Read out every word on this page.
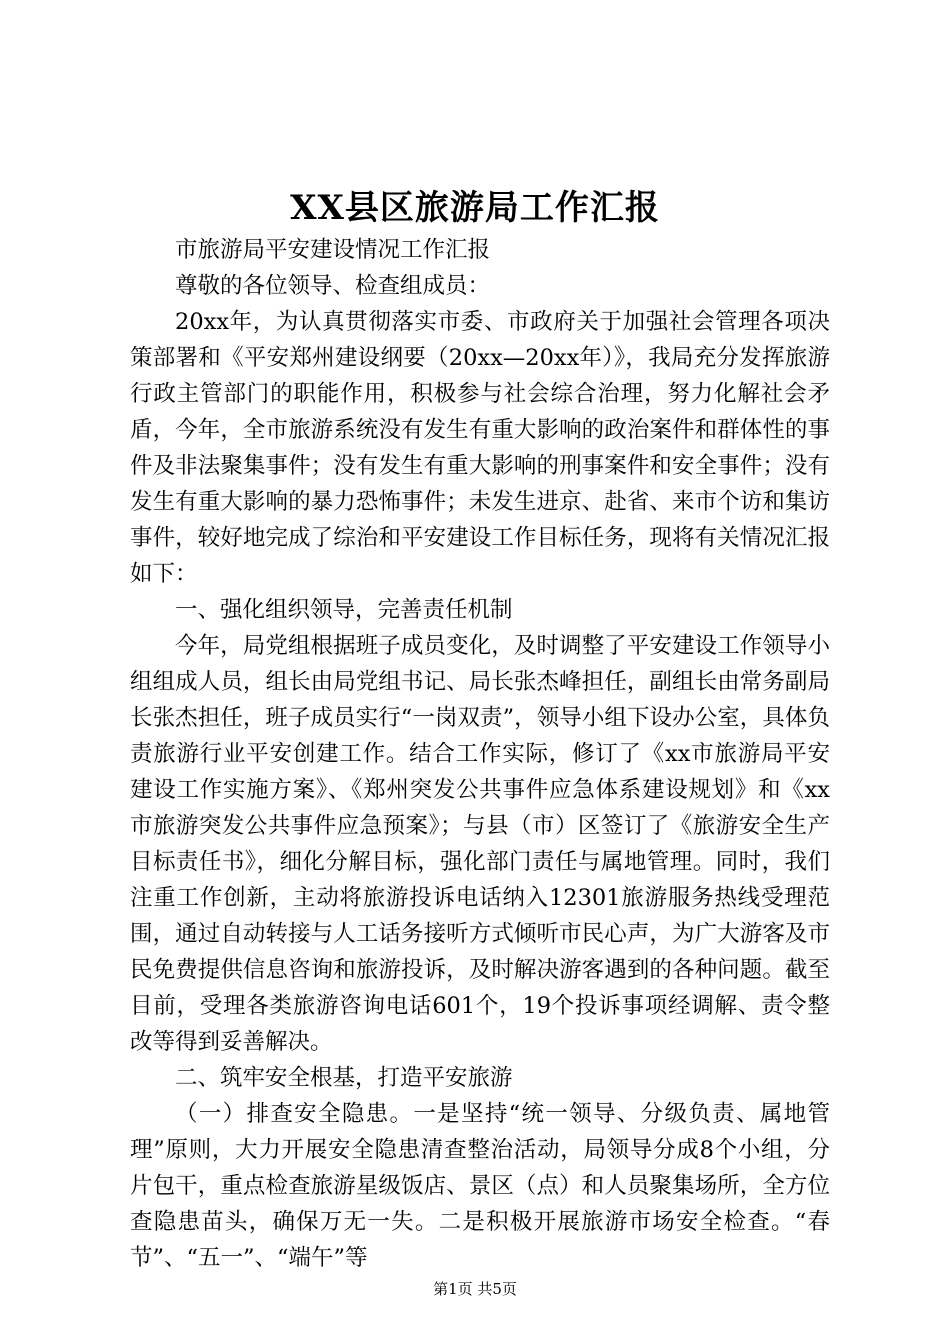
XX县区旅游局工作汇报

市旅游局平安建设情况工作汇报

尊敬的各位领导、检查组成员：

20xx年，为认真贯彻落实市委、市政府关于加强社会管理各项决策部署和《平安郑州建设纲要（20xx—20xx年）》，我局充分发挥旅游行政主管部门的职能作用，积极参与社会综合治理，努力化解社会矛盾，今年，全市旅游系统没有发生有重大影响的政治案件和群体性的事件及非法聚集事件；没有发生有重大影响的刑事案件和安全事件；没有发生有重大影响的暴力恐怖事件；未发生进京、赴省、来市个访和集访事件，较好地完成了综治和平安建设工作目标任务，现将有关情况汇报如下：

一、强化组织领导，完善责任机制

今年，局党组根据班子成员变化，及时调整了平安建设工作领导小组组成人员，组长由局党组书记、局长张杰峰担任，副组长由常务副局长张杰担任，班子成员实行“一岗双责”，领导小组下设办公室，具体负责旅游行业平安创建工作。结合工作实际，修订了《xx市旅游局平安建设工作实施方案》、《郑州突发公共事件应急体系建设规划》和《xx市旅游突发公共事件应急预案》；与县（市）区签订了《旅游安全生产目标责任书》，细化分解目标，强化部门责任与属地管理。同时，我们注重工作创新，主动将旅游投诉电话纳入12301旅游服务热线受理范围，通过自动转接与人工话务接听方式倾听市民心声，为广大游客及市民免费提供信息咨询和旅游投诉，及时解决游客遇到的各种问题。截至目前，受理各类旅游咨询电话601个，19个投诉事项经调解、责令整改等得到妥善解决。

二、筑牢安全根基，打造平安旅游

（一）排查安全隐患。一是坚持“统一领导、分级负责、属地管理”原则，大力开展安全隐患清查整治活动，局领导分成8个小组，分片包干，重点检查旅游星级饭店、景区（点）和人员聚集场所，全方位查隐患苗头，确保万无一失。二是积极开展旅游市场安全检查。“春节”、“五一”、“端午”等

第1页 共5页
